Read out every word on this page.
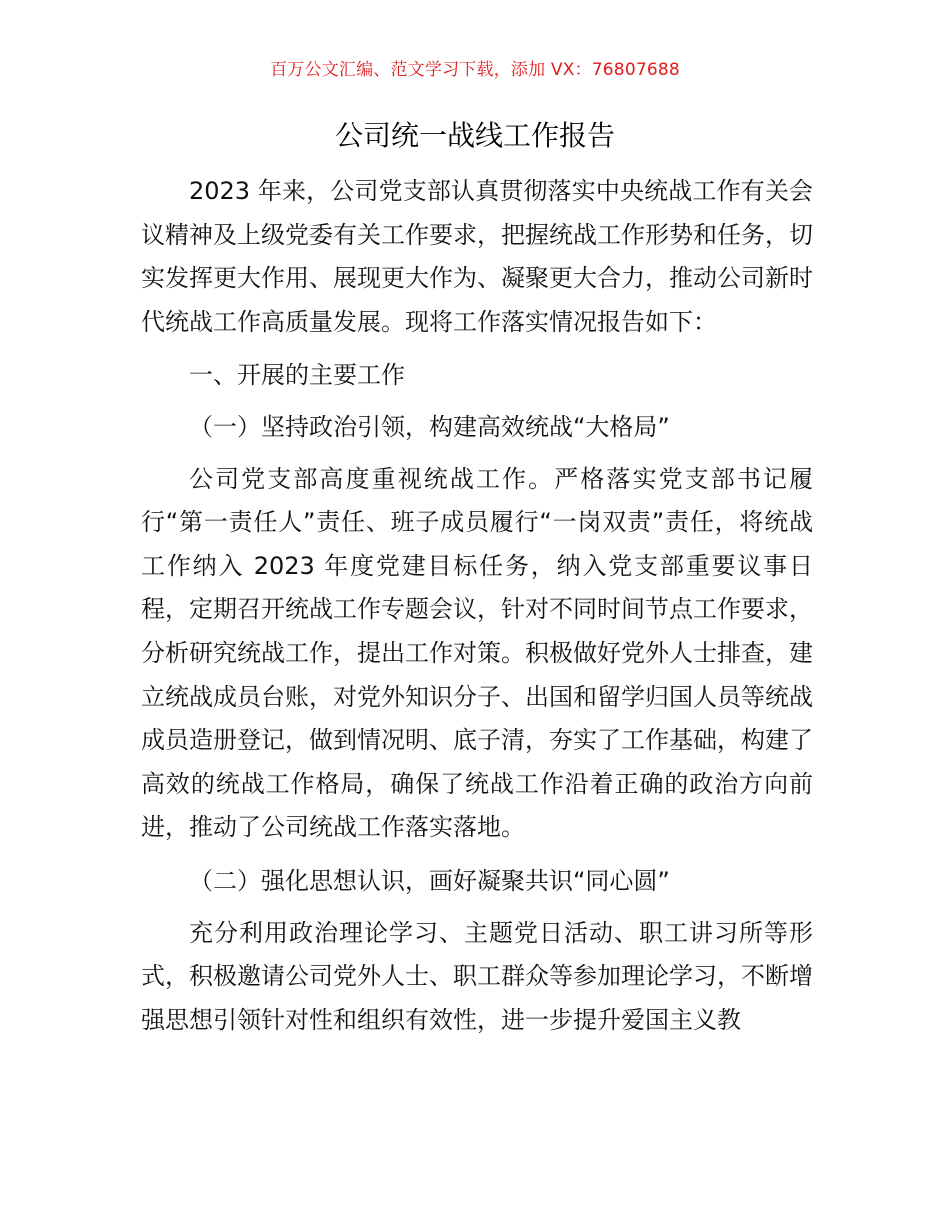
百万公文汇编、范文学习下载，添加 VX：76807688
公司统一战线工作报告

2023 年来，公司党支部认真贯彻落实中央统战工作有关会议精神及上级党委有关工作要求，把握统战工作形势和任务，切实发挥更大作用、展现更大作为、凝聚更大合力，推动公司新时代统战工作高质量发展。现将工作落实情况报告如下：

一、开展的主要工作

（一）坚持政治引领，构建高效统战“大格局”

公司党支部高度重视统战工作。严格落实党支部书记履行“第一责任人”责任、班子成员履行“一岗双责”责任，将统战工作纳入 2023 年度党建目标任务，纳入党支部重要议事日程，定期召开统战工作专题会议，针对不同时间节点工作要求，分析研究统战工作，提出工作对策。积极做好党外人士排查，建立统战成员台账，对党外知识分子、出国和留学归国人员等统战成员造册登记，做到情况明、底子清，夯实了工作基础，构建了高效的统战工作格局，确保了统战工作沿着正确的政治方向前进，推动了公司统战工作落实落地。

（二）强化思想认识，画好凝聚共识“同心圆”

充分利用政治理论学习、主题党日活动、职工讲习所等形式，积极邀请公司党外人士、职工群众等参加理论学习，不断增强思想引领针对性和组织有效性，进一步提升爱国主义教
